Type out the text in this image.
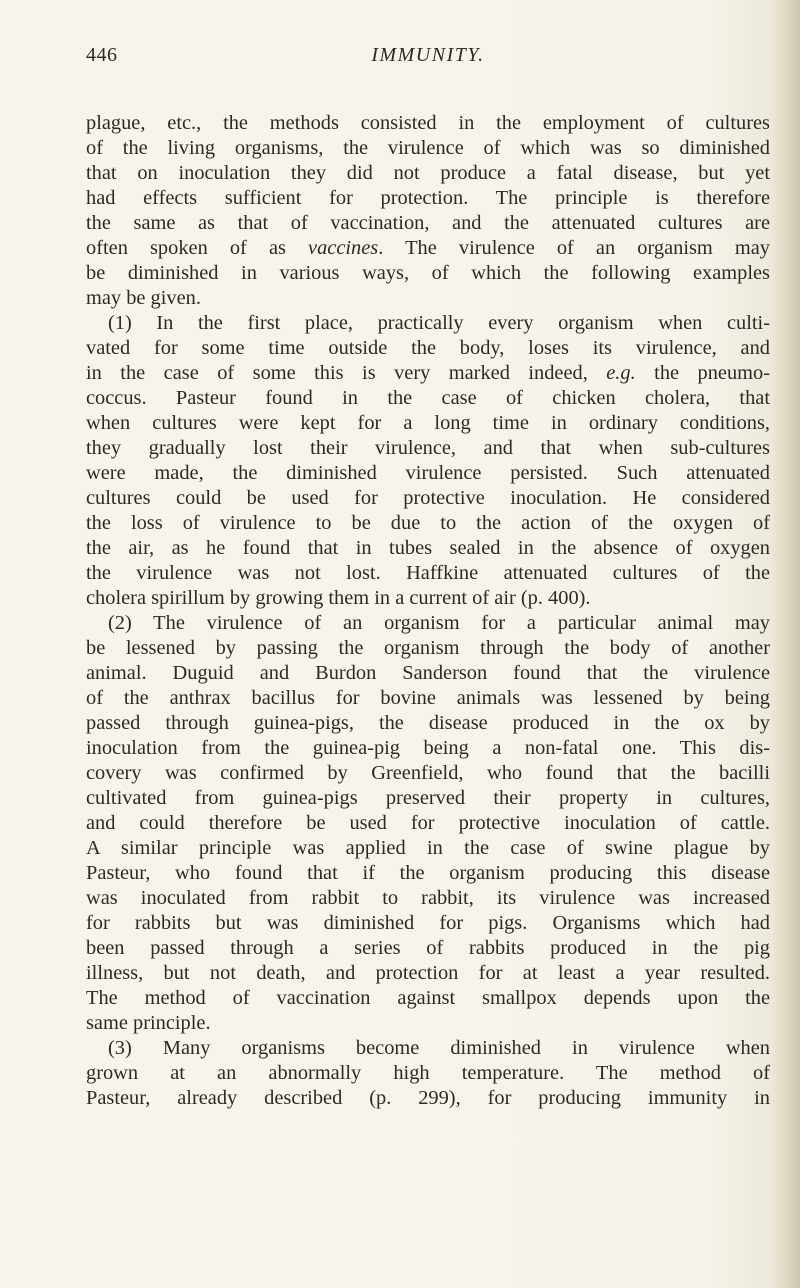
446	IMMUNITY.
plague, etc., the methods consisted in the employment of cultures
of the living organisms, the virulence of which was so diminished
that on inoculation they did not produce a fatal disease, but yet
had effects sufficient for protection. The principle is therefore
the same as that of vaccination, and the attenuated cultures are
often spoken of as vaccines. The virulence of an organism may
be diminished in various ways, of which the following examples
may be given.
(1) In the first place, practically every organism when culti-
vated for some time outside the body, loses its virulence, and
in the case of some this is very marked indeed, e.g. the pneumo-
coccus. Pasteur found in the case of chicken cholera, that
when cultures were kept for a long time in ordinary conditions,
they gradually lost their virulence, and that when sub-cultures
were made, the diminished virulence persisted. Such attenuated
cultures could be used for protective inoculation. He considered
the loss of virulence to be due to the action of the oxygen of
the air, as he found that in tubes sealed in the absence of oxygen
the virulence was not lost. Haffkine attenuated cultures of the
cholera spirillum by growing them in a current of air (p. 400).
(2) The virulence of an organism for a particular animal may
be lessened by passing the organism through the body of another
animal. Duguid and Burdon Sanderson found that the virulence
of the anthrax bacillus for bovine animals was lessened by being
passed through guinea-pigs, the disease produced in the ox by
inoculation from the guinea-pig being a non-fatal one. This dis-
covery was confirmed by Greenfield, who found that the bacilli
cultivated from guinea-pigs preserved their property in cultures,
and could therefore be used for protective inoculation of cattle.
A similar principle was applied in the case of swine plague by
Pasteur, who found that if the organism producing this disease
was inoculated from rabbit to rabbit, its virulence was increased
for rabbits but was diminished for pigs. Organisms which had
been passed through a series of rabbits produced in the pig
illness, but not death, and protection for at least a year resulted.
The method of vaccination against smallpox depends upon the
same principle.
(3) Many organisms become diminished in virulence when
grown at an abnormally high temperature. The method of
Pasteur, already described (p. 299), for producing immunity in
